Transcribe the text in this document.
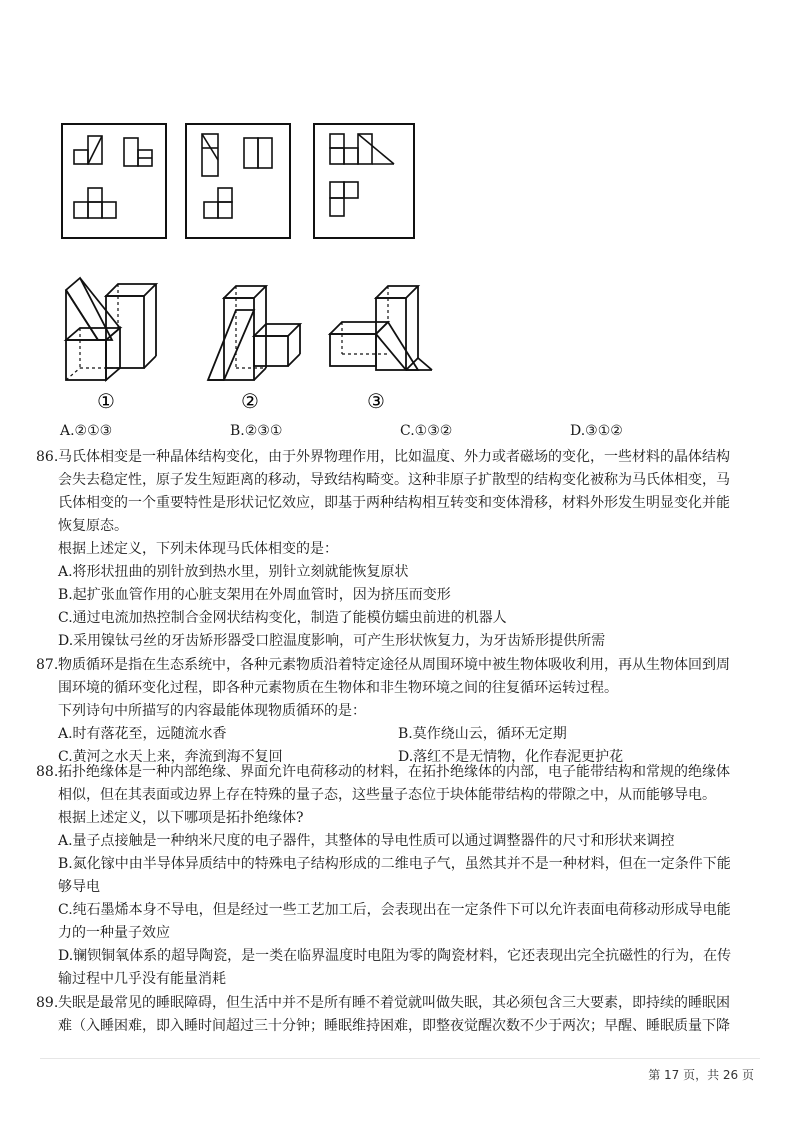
①	②	③
A.②①③	B.②③①	C.①③②	D.③①②
86. 马氏体相变是一种晶体结构变化，由于外界物理作用，比如温度、外力或者磁场的变化，一些材料的晶体结构

会失去稳定性，原子发生短距离的移动，导致结构畸变。这种非原子扩散型的结构变化被称为马氏体相变，马

氏体相变的一个重要特性是形状记忆效应，即基于两种结构相互转变和变体滑移，材料外形发生明显变化并能

恢复原态。

根据上述定义，下列未体现马氏体相变的是：

A.将形状扭曲的别针放到热水里，别针立刻就能恢复原状

B.起扩张血管作用的心脏支架用在外周血管时，因为挤压而变形

C.通过电流加热控制合金网状结构变化，制造了能模仿蠕虫前进的机器人

D.采用镍钛弓丝的牙齿矫形器受口腔温度影响，可产生形状恢复力，为牙齿矫形提供所需

87. 物质循环是指在生态系统中，各种元素物质沿着特定途径从周围环境中被生物体吸收利用，再从生物体回到周

围环境的循环变化过程，即各种元素物质在生物体和非生物环境之间的往复循环运转过程。

下列诗句中所描写的内容最能体现物质循环的是：

A.时有落花至，远随流水香	B.莫作绕山云，循环无定期
C.黄河之水天上来，奔流到海不复回	D.落红不是无情物，化作春泥更护花
88. 拓扑绝缘体是一种内部绝缘、界面允许电荷移动的材料，在拓扑绝缘体的内部，电子能带结构和常规的绝缘体

相似，但在其表面或边界上存在特殊的量子态，这些量子态位于块体能带结构的带隙之中，从而能够导电。

根据上述定义，以下哪项是拓扑绝缘体?

A.量子点接触是一种纳米尺度的电子器件，其整体的导电性质可以通过调整器件的尺寸和形状来调控

B.氮化镓中由半导体异质结中的特殊电子结构形成的二维电子气，虽然其并不是一种材料，但在一定条件下能

够导电

C.纯石墨烯本身不导电，但是经过一些工艺加工后，会表现出在一定条件下可以允许表面电荷移动形成导电能

力的一种量子效应

D.镧钡铜氧体系的超导陶瓷，是一类在临界温度时电阻为零的陶瓷材料，它还表现出完全抗磁性的行为，在传

输过程中几乎没有能量消耗

89. 失眠是最常见的睡眠障碍，但生活中并不是所有睡不着觉就叫做失眠，其必须包含三大要素，即持续的睡眠困

难（入睡困难，即入睡时间超过三十分钟；睡眠维持困难，即整夜觉醒次数不少于两次；早醒、睡眠质量下降

第 17 页，共 26 页
